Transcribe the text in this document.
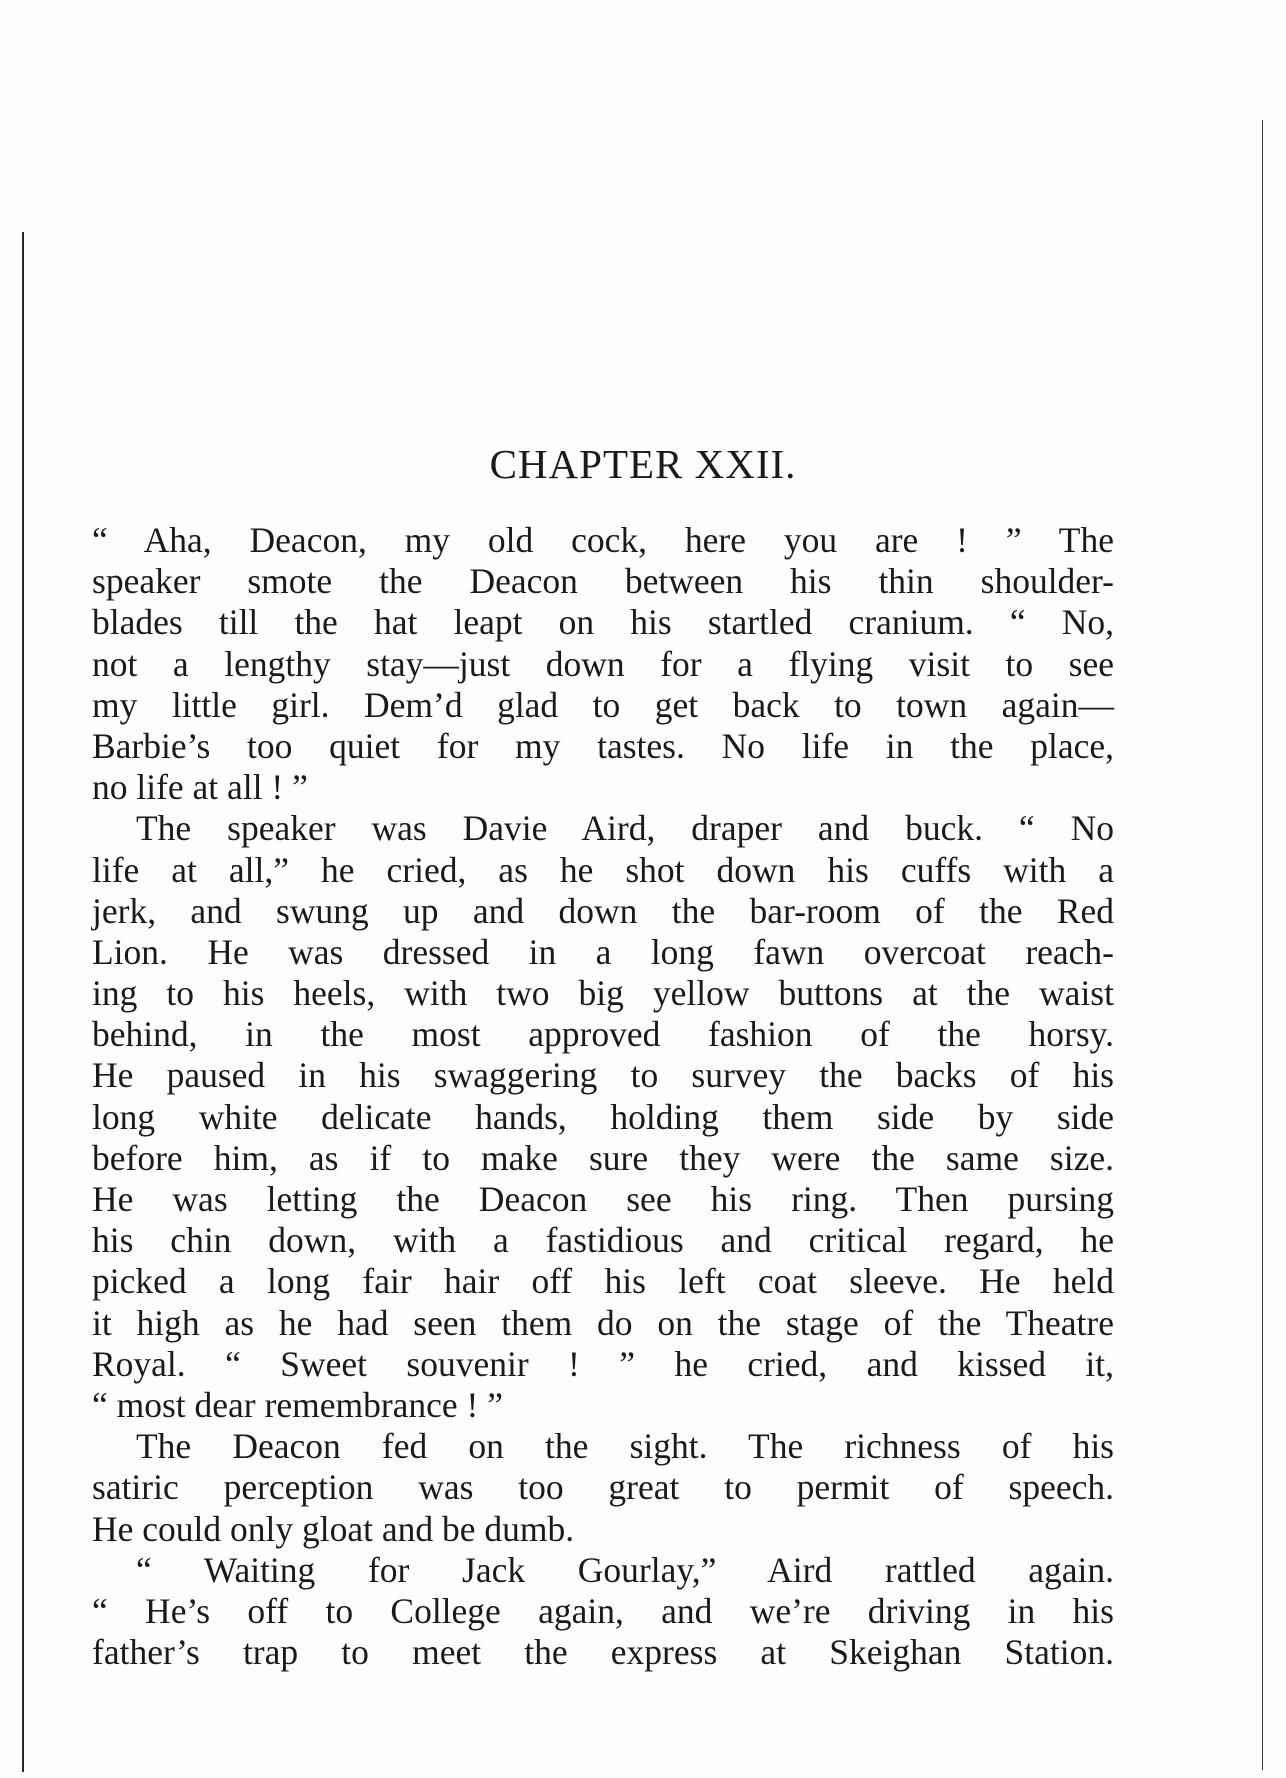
CHAPTER XXII.
“ Aha, Deacon, my old cock, here you are ! ” The
speaker smote the Deacon between his thin shoulder-
blades till the hat leapt on his startled cranium. “ No,
not a lengthy stay—just down for a flying visit to see
my little girl. Dem’d glad to get back to town again—
Barbie’s too quiet for my tastes. No life in the place,
no life at all ! ”
The speaker was Davie Aird, draper and buck. “ No
life at all,” he cried, as he shot down his cuffs with a
jerk, and swung up and down the bar-room of the Red
Lion. He was dressed in a long fawn overcoat reach-
ing to his heels, with two big yellow buttons at the waist
behind, in the most approved fashion of the horsy.
He paused in his swaggering to survey the backs of his
long white delicate hands, holding them side by side
before him, as if to make sure they were the same size.
He was letting the Deacon see his ring. Then pursing
his chin down, with a fastidious and critical regard, he
picked a long fair hair off his left coat sleeve. He held
it high as he had seen them do on the stage of the Theatre
Royal. “ Sweet souvenir ! ” he cried, and kissed it,
“ most dear remembrance ! ”
The Deacon fed on the sight. The richness of his
satiric perception was too great to permit of speech.
He could only gloat and be dumb.
“ Waiting for Jack Gourlay,” Aird rattled again.
“ He’s off to College again, and we’re driving in his
father’s trap to meet the express at Skeighan Station.
